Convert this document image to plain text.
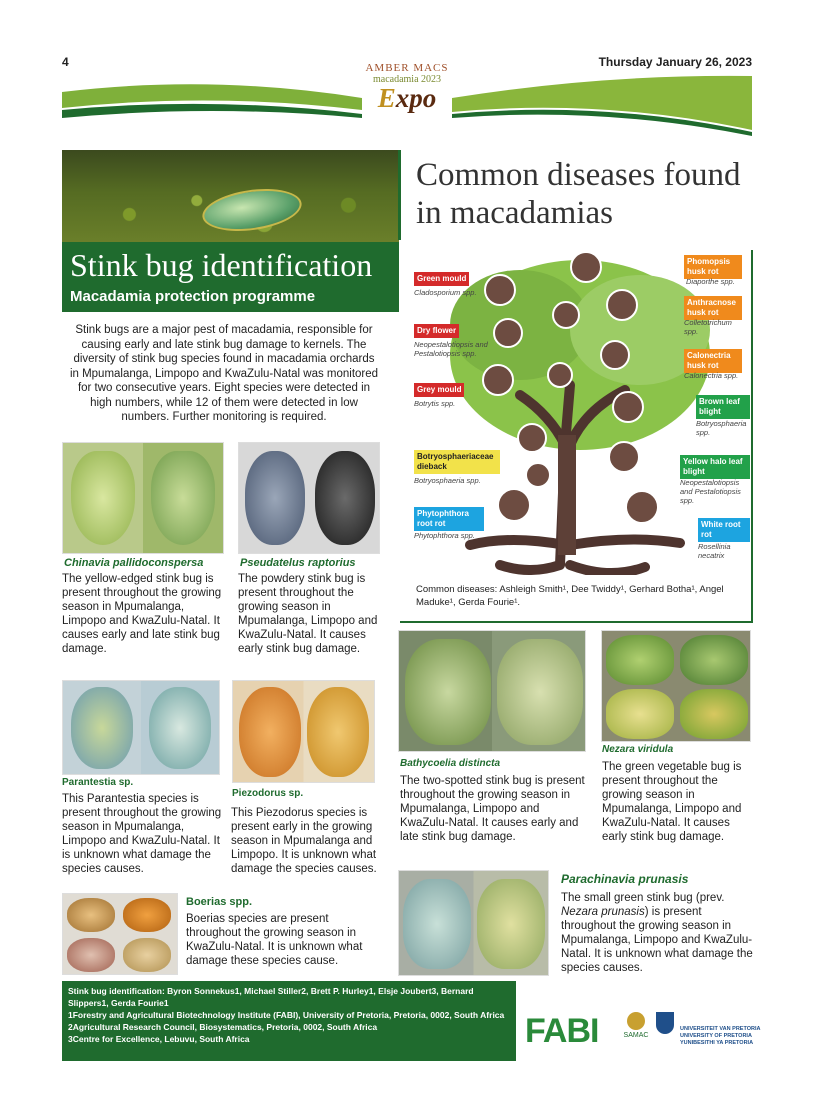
4	Thursday January 26, 2023
AMBER MACS
macadamia 2023
Expo
Stink bug identification
Macadamia protection programme
Stink bugs are a major pest of macadamia, responsible for causing early and late stink bug damage to kernels. The diversity of stink bug species found in macadamia orchards in Mpumalanga, Limpopo and KwaZulu-Natal was monitored for two consecutive years. Eight species were detected in high numbers, while 12 of them were detected in low numbers. Further monitoring is required.
Common diseases found in macadamias
Green mould
Cladosporium spp.
Dry flower
Neopestalotiopsis and Pestalotiopsis spp.
Grey mould
Botrytis spp.
Botryosphaeriaceae dieback
Botryosphaeria spp.
Phytophthora root rot
Phytophthora spp.
Phomopsis husk rot
Diaporthe spp.
Anthracnose husk rot
Colletotrichum spp.
Calonectria husk rot
Calonectria spp.
Brown leaf blight
Botryosphaeria spp.
Yellow halo leaf blight
Neopestalotiopsis and Pestalotiopsis spp.
White root rot
Rosellinia necatrix
Common diseases: Ashleigh Smith¹, Dee Twiddy¹, Gerhard Botha¹, Angel Maduke¹, Gerda Fourie¹.
Chinavia pallidoconspersa
The yellow-edged stink bug is present throughout the growing season in Mpumalanga, Limpopo and KwaZulu-Natal. It causes early and late stink bug damage.
Pseudatelus raptorius
The powdery stink bug is present throughout the growing season in Mpumalanga, Limpopo and KwaZulu-Natal. It causes early stink bug damage.
Parantestia sp.
This Parantestia species is present throughout the growing season in Mpumalanga, Limpopo and KwaZulu-Natal. It is unknown what damage the species causes.
Piezodorus sp.
This Piezodorus species is present early in the growing season in Mpumalanga and Limpopo. It is unknown what damage the species causes.
Boerias spp.
Boerias species are present throughout the growing season in KwaZulu-Natal. It is unknown what damage these species cause.
Bathycoelia distincta
The two-spotted stink bug is present throughout the growing season in Mpumalanga, Limpopo and KwaZulu-Natal. It causes early and late stink bug damage.
Nezara viridula
The green vegetable bug is present throughout the growing season in Mpumalanga, Limpopo and KwaZulu-Natal. It causes early stink bug damage.
Parachinavia prunasis
The small green stink bug (prev. Nezara prunasis) is present throughout the growing season in Mpumalanga, Limpopo and KwaZulu-Natal. It is unknown what damage the species causes.
Stink bug identification: Byron Sonnekus1, Michael Stiller2, Brett P. Hurley1, Elsje Joubert3, Bernard Slippers1, Gerda Fourie1
1Forestry and Agricultural Biotechnology Institute (FABI), University of Pretoria, Pretoria, 0002, South Africa
2Agricultural Research Council, Biosystematics, Pretoria, 0002, South Africa
3Centre for Excellence, Lebuvu, South Africa	FABI	SAMAC
UNIVERSITEIT VAN PRETORIA
UNIVERSITY OF PRETORIA
YUNIBESITHI YA PRETORIA
